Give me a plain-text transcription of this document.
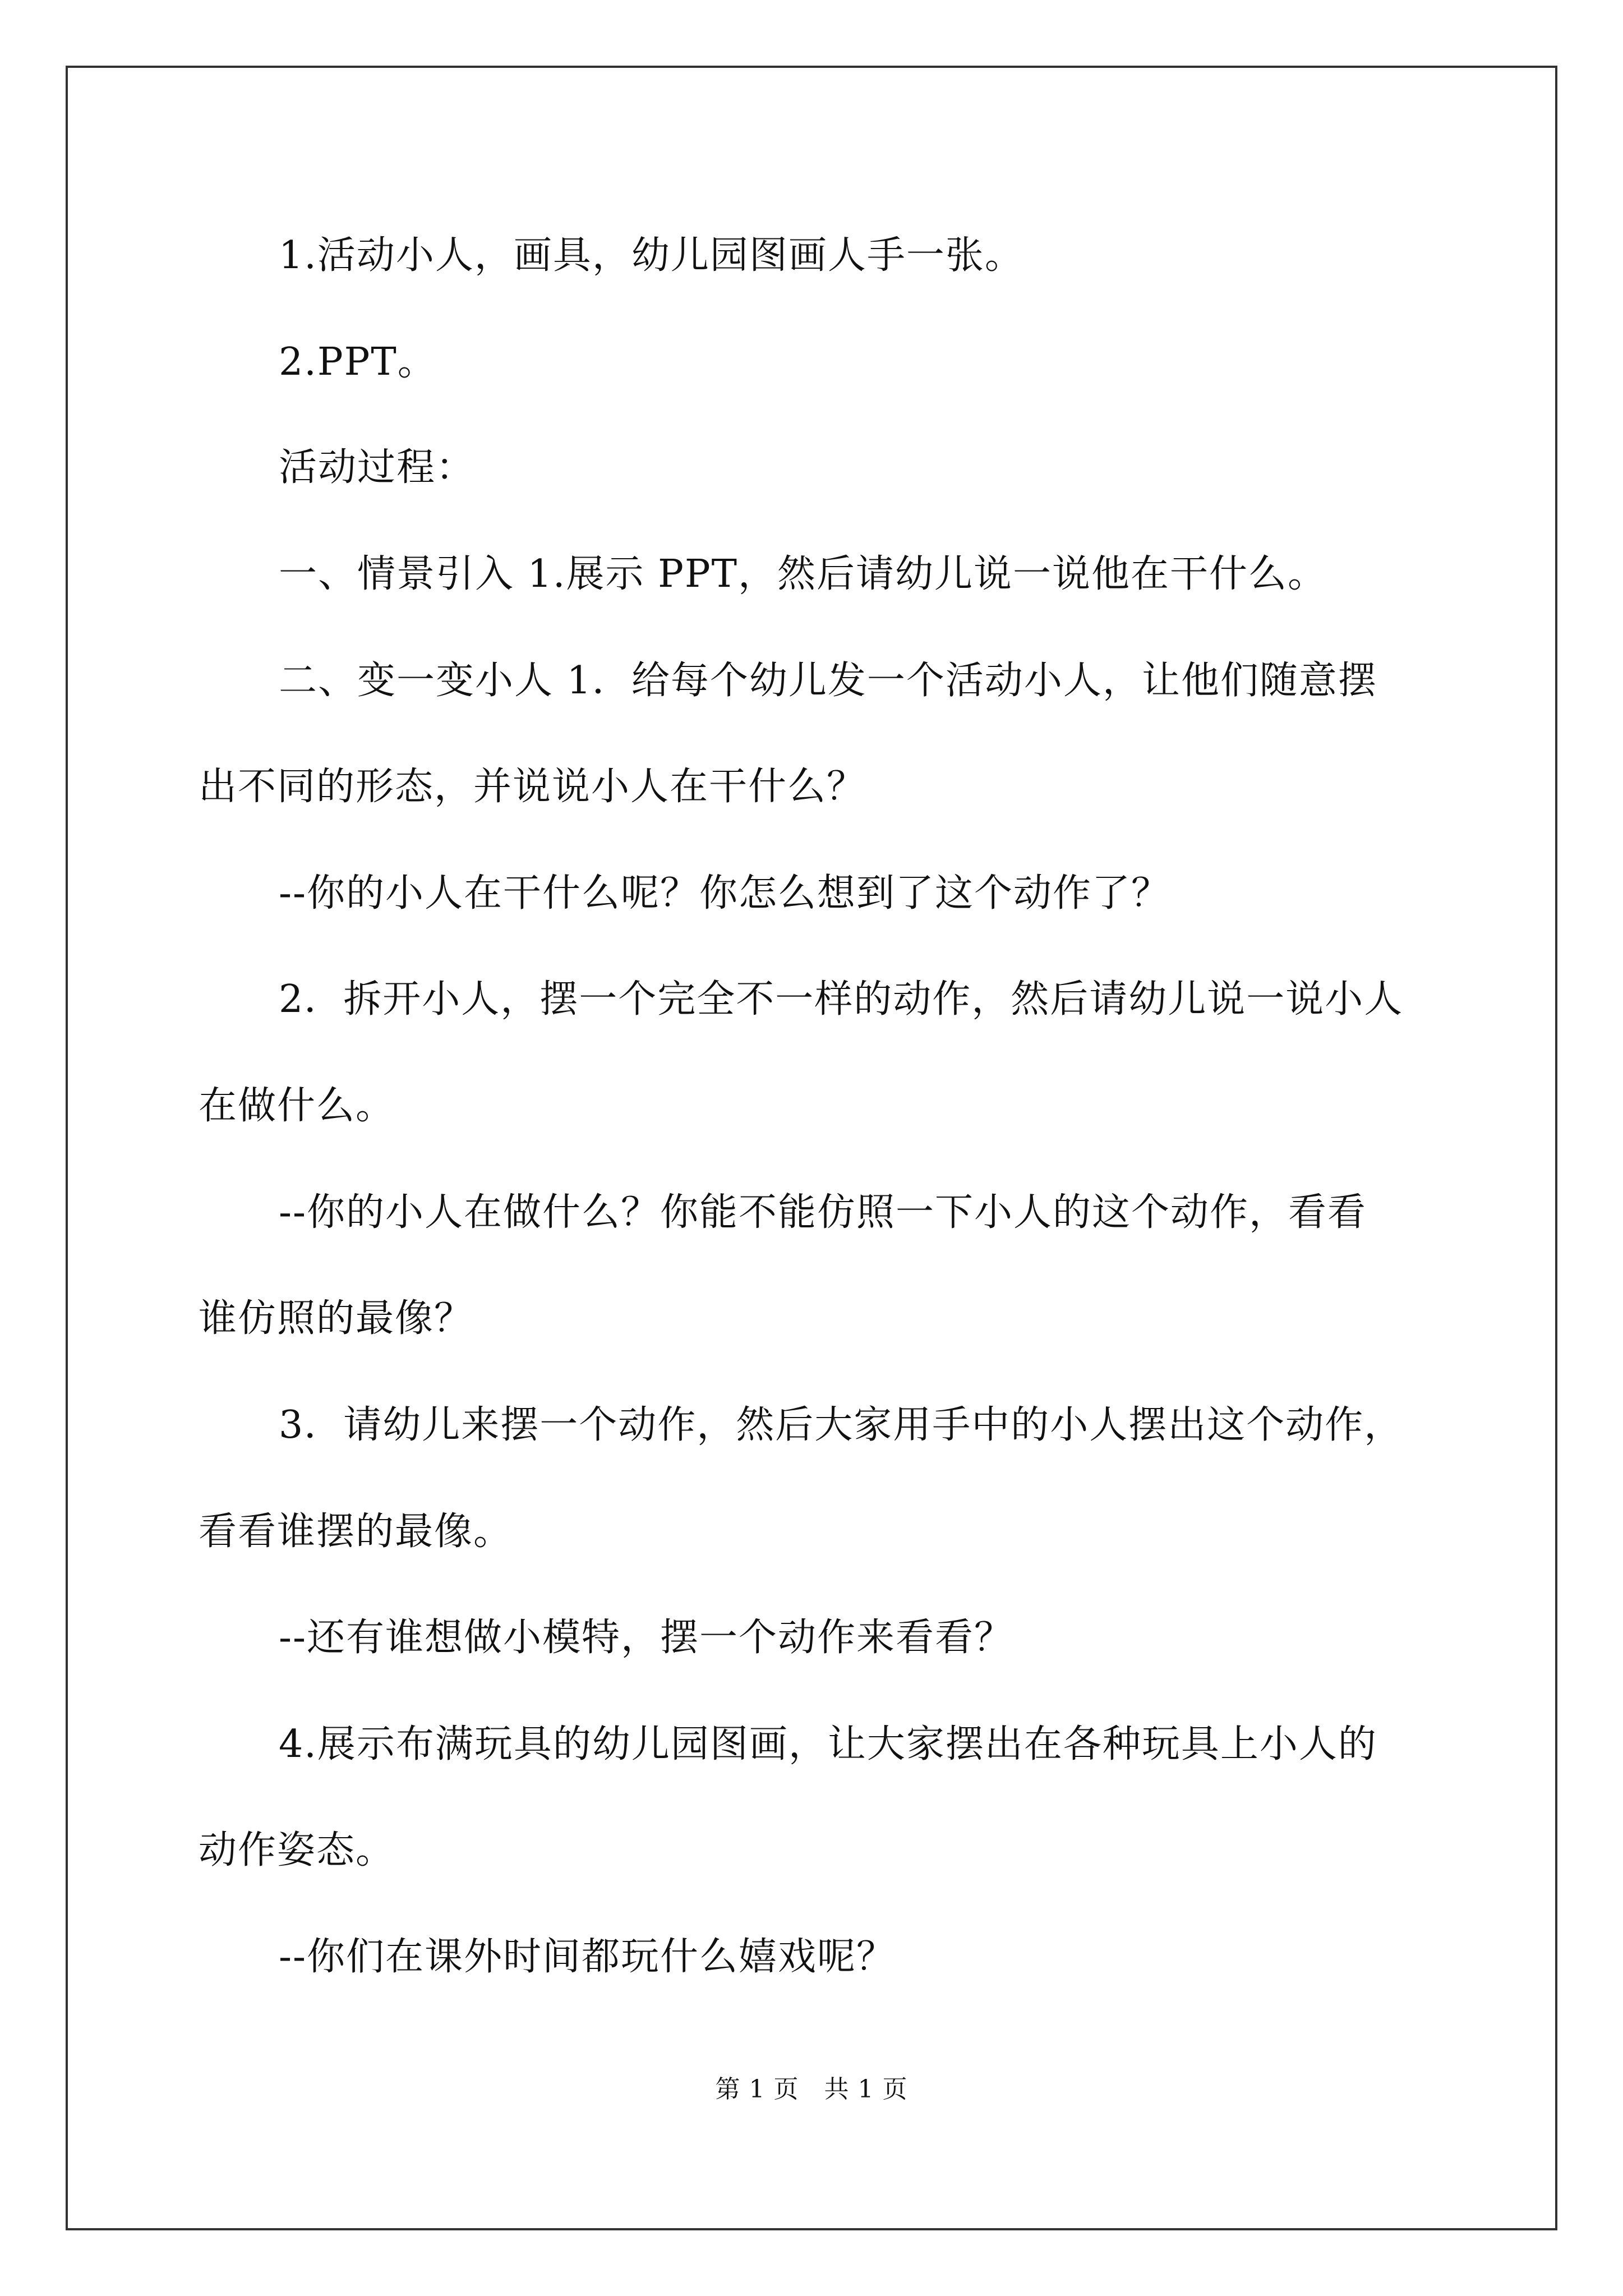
1.活动小人，画具，幼儿园图画人手一张。
2.PPT。
活动过程：
一、情景引入 1.展示 PPT，然后请幼儿说一说他在干什么。
二、变一变小人 1．给每个幼儿发一个活动小人，让他们随意摆
出不同的形态，并说说小人在干什么？
--你的小人在干什么呢？你怎么想到了这个动作了？
2．拆开小人，摆一个完全不一样的动作，然后请幼儿说一说小人
在做什么。
--你的小人在做什么？你能不能仿照一下小人的这个动作，看看
谁仿照的最像？
3．请幼儿来摆一个动作，然后大家用手中的小人摆出这个动作，
看看谁摆的最像。
--还有谁想做小模特，摆一个动作来看看？
4.展示布满玩具的幼儿园图画，让大家摆出在各种玩具上小人的
动作姿态。
--你们在课外时间都玩什么嬉戏呢？
第 1 页　共 1 页
